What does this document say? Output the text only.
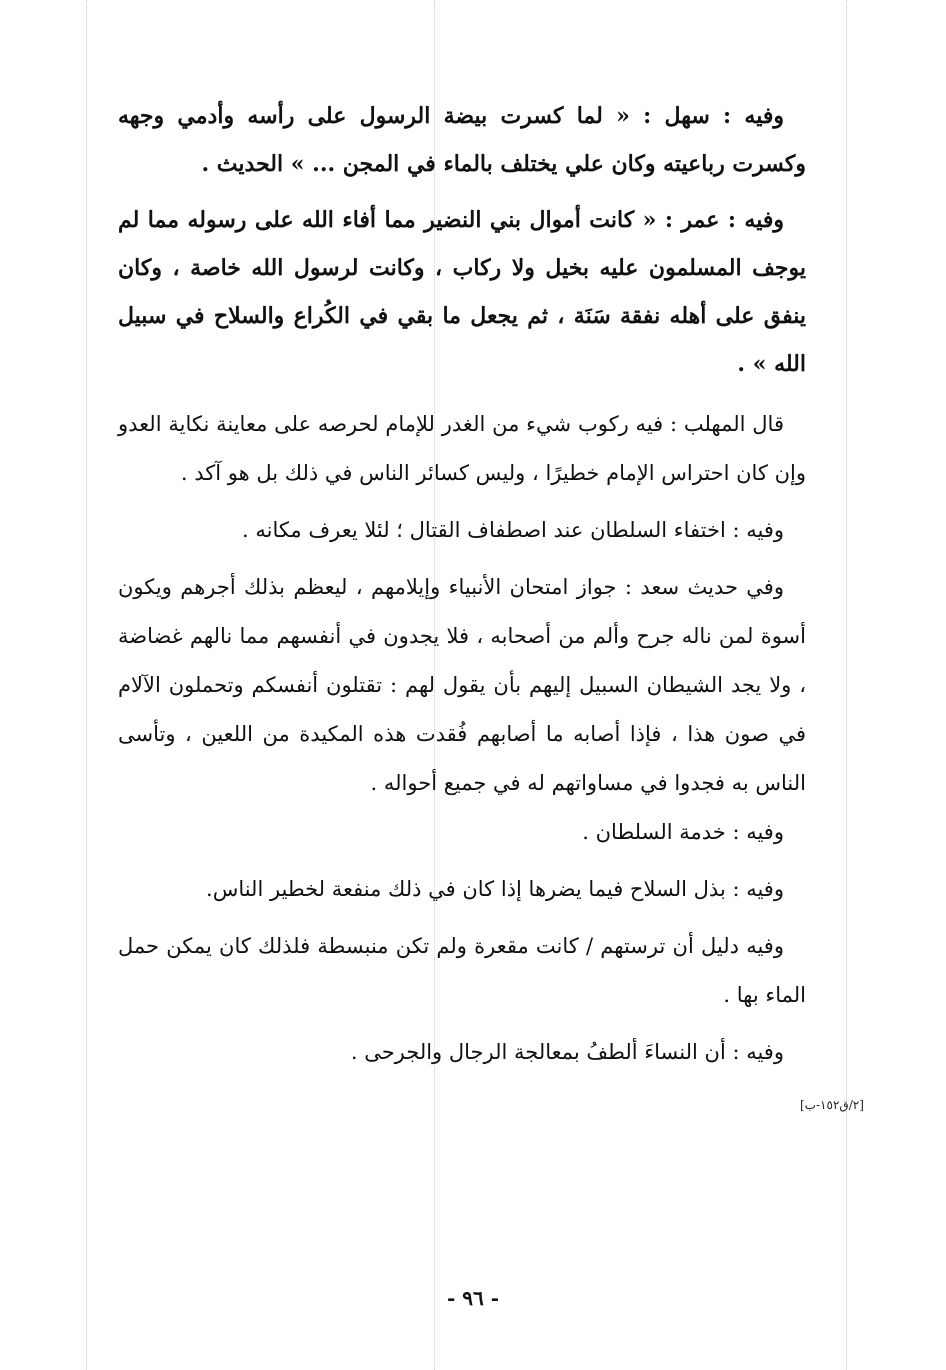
وفيه : سهل : « لما كسرت بيضة الرسول على رأسه وأدمي وجهه وكسرت رباعيته وكان علي يختلف بالماء في المجن ... » الحديث .

وفيه : عمر : « كانت أموال بني النضير مما أفاء الله على رسوله مما لم يوجف المسلمون عليه بخيل ولا ركاب ، وكانت لرسول الله خاصة ، وكان ينفق على أهله نفقة سَنَة ، ثم يجعل ما بقي في الكُراع والسلاح في سبيل الله » .

قال المهلب : فيه ركوب شيء من الغدر للإمام لحرصه على معاينة نكاية العدو وإن كان احتراس الإمام خطيرًا ، وليس كسائر الناس في ذلك بل هو آكد .

وفيه : اختفاء السلطان عند اصطفاف القتال ؛ لئلا يعرف مكانه .

وفي حديث سعد : جواز امتحان الأنبياء وإيلامهم ، ليعظم بذلك أجرهم ويكون أسوة لمن ناله جرح وألم من أصحابه ، فلا يجدون في أنفسهم مما نالهم غضاضة ، ولا يجد الشيطان السبيل إليهم بأن يقول لهم : تقتلون أنفسكم وتحملون الآلام في صون هذا ، فإذا أصابه ما أصابهم فُقدت هذه المكيدة من اللعين ، وتأسى الناس به فجدوا في مساواتهم له في جميع أحواله .

وفيه : خدمة السلطان .

وفيه : بذل السلاح فيما يضرها إذا كان في ذلك منفعة لخطير الناس.

وفيه دليل أن ترستهم / كانت مقعرة ولم تكن منبسطة فلذلك كان يمكن حمل الماء بها .

وفيه : أن النساءَ ألطفُ بمعالجة الرجال والجرحى .

[٢/ق١٥٢-ب]
- ٩٦ -
